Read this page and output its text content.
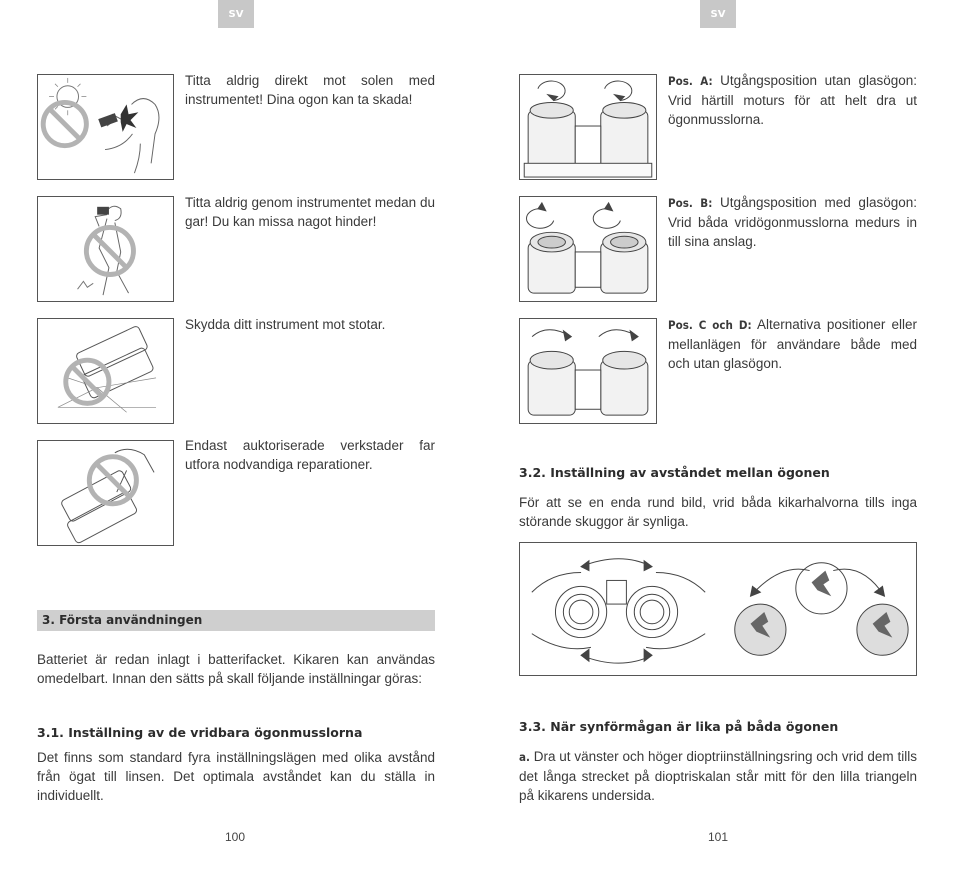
SV
Titta aldrig direkt mot solen med instrumentet! Dina ogon kan ta skada!
Titta aldrig genom instrumentet medan du gar! Du kan missa nagot hinder!
Skydda ditt instrument mot stotar.
Endast auktoriserade verkstader far utfora nodvandiga reparationer.
3. Första användningen
Batteriet är redan inlagt i batterifacket. Kikaren kan användas omedelbart. Innan den sätts på skall följande inställningar göras:
3.1. Inställning av de vridbara ögonmusslorna
Det finns som standard fyra inställningslägen med olika avstånd från ögat till linsen. Det optimala avståndet kan du ställa in individuellt.
100
SV
Pos. A: Utgångsposition utan glasögon: Vrid härtill moturs för att helt dra ut ögonmusslorna.
Pos. B: Utgångsposition med glasögon: Vrid båda vridögonmusslorna medurs in till sina anslag.
Pos. C och D: Alternativa positioner eller mellanlägen för användare både med och utan glasögon.
3.2. Inställning av avståndet mellan ögonen
För att se en enda rund bild, vrid båda kikarhalvorna tills inga störande skuggor är synliga.
3.3. När synförmågan är lika på båda ögonen
a. Dra ut vänster och höger dioptriinställningsring och vrid dem tills det långa strecket på dioptriskalan står mitt för den lilla triangeln på kikarens undersida.
101
